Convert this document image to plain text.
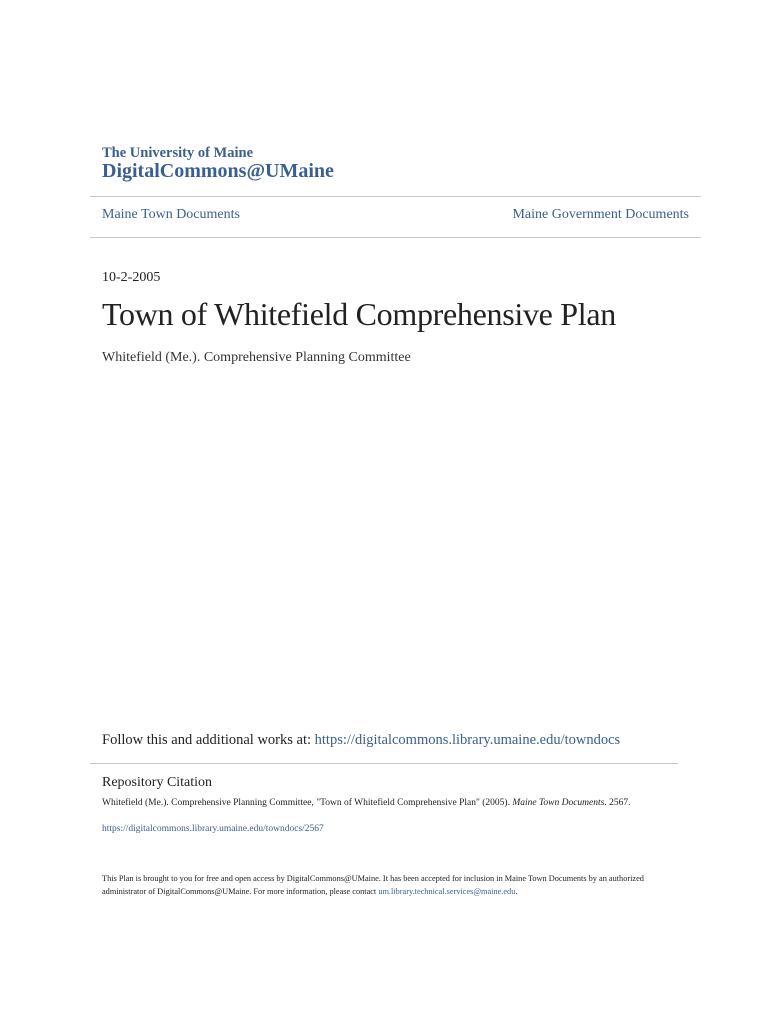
The University of Maine
DigitalCommons@UMaine
Maine Town Documents	Maine Government Documents
10-2-2005
Town of Whitefield Comprehensive Plan
Whitefield (Me.). Comprehensive Planning Committee
Follow this and additional works at: https://digitalcommons.library.umaine.edu/towndocs
Repository Citation
Whitefield (Me.). Comprehensive Planning Committee, "Town of Whitefield Comprehensive Plan" (2005). Maine Town Documents. 2567.
https://digitalcommons.library.umaine.edu/towndocs/2567
This Plan is brought to you for free and open access by DigitalCommons@UMaine. It has been accepted for inclusion in Maine Town Documents by an authorized administrator of DigitalCommons@UMaine. For more information, please contact um.library.technical.services@maine.edu.
